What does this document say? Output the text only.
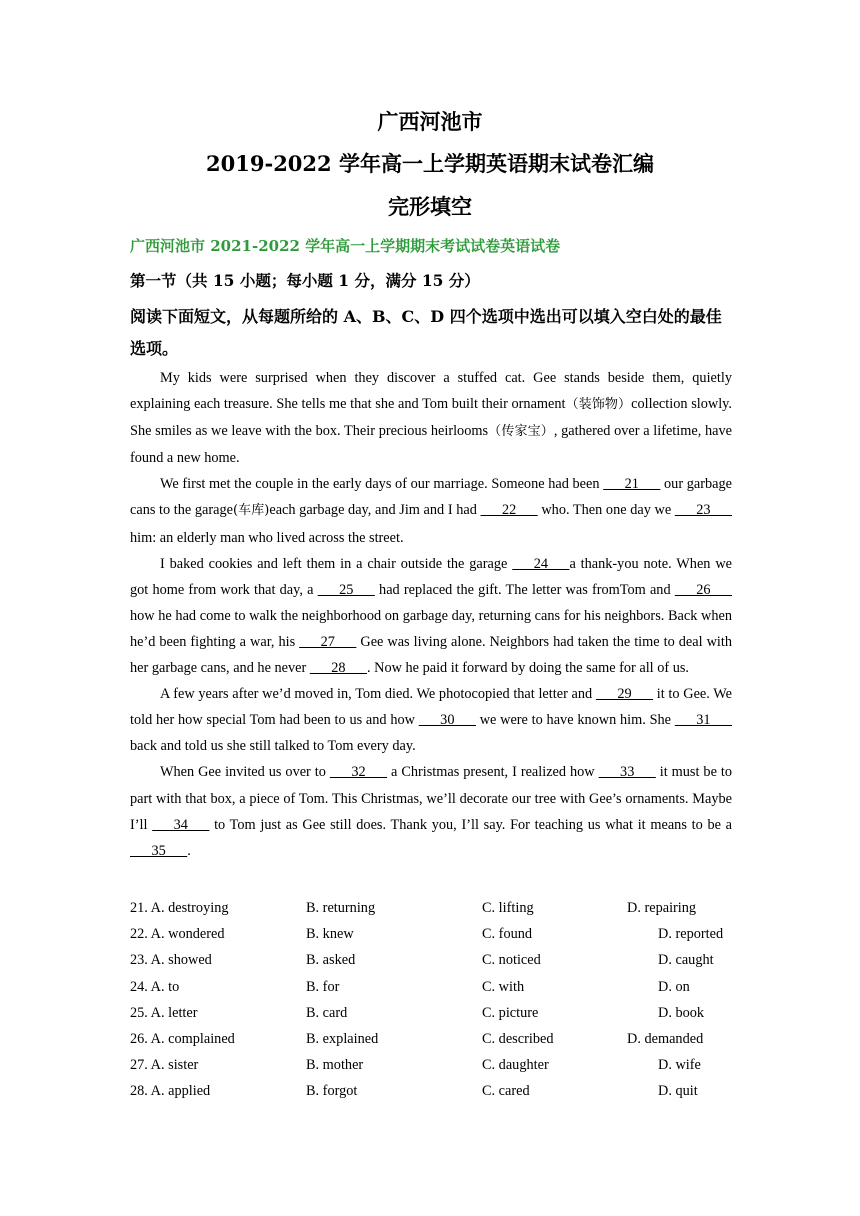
广西河池市
2019-2022 学年高一上学期英语期末试卷汇编
完形填空
广西河池市 2021-2022 学年高一上学期期末考试试卷英语试卷
第一节（共 15 小题；每小题 1 分，满分 15 分）
阅读下面短文，从每题所给的 A、B、C、D 四个选项中选出可以填入空白处的最佳选项。

My kids were surprised when they discover a stuffed cat. Gee stands beside them, quietly explaining each treasure. She tells me that she and Tom built their ornament（装饰物）collection slowly. She smiles as we leave with the box. Their precious heirlooms（传家宝）, gathered over a lifetime, have found a new home.

We first met the couple in the early days of our marriage. Someone had been   21   our garbage cans to the garage(车库)each garbage day, and Jim and I had   22   who. Then one day we   23   him: an elderly man who lived across the street.

I baked cookies and left them in a chair outside the garage   24  a thank-you note. When we got home from work that day, a   25   had replaced the gift. The letter was fromTom and   26   how he had come to walk the neighborhood on garbage day, returning cans for his neighbors. Back when he’d been fighting a war, his   27   Gee was living alone. Neighbors had taken the time to deal with her garbage cans, and he never   28  . Now he paid it forward by doing the same for all of us.

A few years after we’d moved in, Tom died. We photocopied that letter and   29   it to Gee. We told her how special Tom had been to us and how   30   we were to have known him. She   31   back and told us she still talked to Tom every day.

When Gee invited us over to   32   a Christmas present, I realized how   33   it must be to part with that box, a piece of Tom. This Christmas, we’ll decorate our tree with Gee’s ornaments. Maybe I’ll   34   to Tom just as Gee still does. Thank you, I’ll say. For teaching us what it means to be a   35  .

21. A. destroying	B. returning	C. lifting	D. repairing
22. A. wondered	B. knew	C. found	D. reported
23. A. showed	B. asked	C. noticed	D. caught
24. A. to	B. for	C. with	D. on
25. A. letter	B. card	C. picture	D. book
26. A. complained	B. explained	C. described	D. demanded
27. A. sister	B. mother	C. daughter	D. wife
28. A. applied	B. forgot	C. cared	D. quit
